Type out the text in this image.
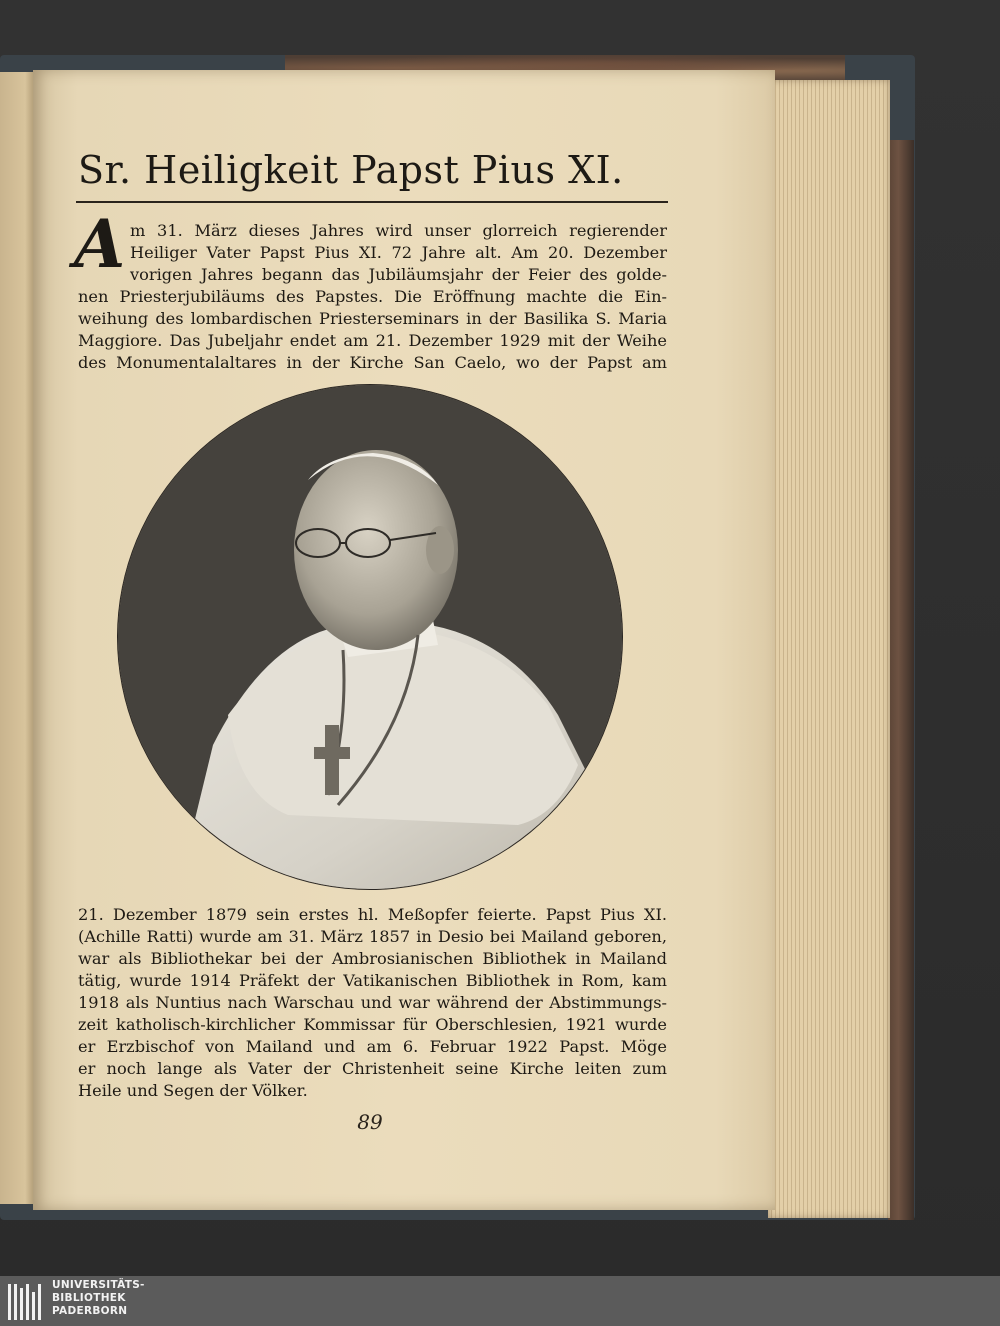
Sr. Heiligkeit Papst Pius XI.
A m 31. März dieses Jahres wird unser glorreich regierender
Heiliger Vater Papst Pius XI. 72 Jahre alt. Am 20. Dezember
vorigen Jahres begann das Jubiläumsjahr der Feier des golde-
nen Priesterjubiläums des Papstes. Die Eröffnung machte die Ein-
weihung des lombardischen Priesterseminars in der Basilika S. Maria
Maggiore. Das Jubeljahr endet am 21. Dezember 1929 mit der Weihe
des Monumentalaltares in der Kirche San Caelo, wo der Papst am
21. Dezember 1879 sein erstes hl. Meßopfer feierte. Papst Pius XI.
(Achille Ratti) wurde am 31. März 1857 in Desio bei Mailand geboren,
war als Bibliothekar bei der Ambrosianischen Bibliothek in Mailand
tätig, wurde 1914 Präfekt der Vatikanischen Bibliothek in Rom, kam
1918 als Nuntius nach Warschau und war während der Abstimmungs-
zeit katholisch-kirchlicher Kommissar für Oberschlesien, 1921 wurde
er Erzbischof von Mailand und am 6. Februar 1922 Papst. Möge
er noch lange als Vater der Christenheit seine Kirche leiten zum
Heile und Segen der Völker.
89
UNIVERSITÄTS-
BIBLIOTHEK
PADERBORN
